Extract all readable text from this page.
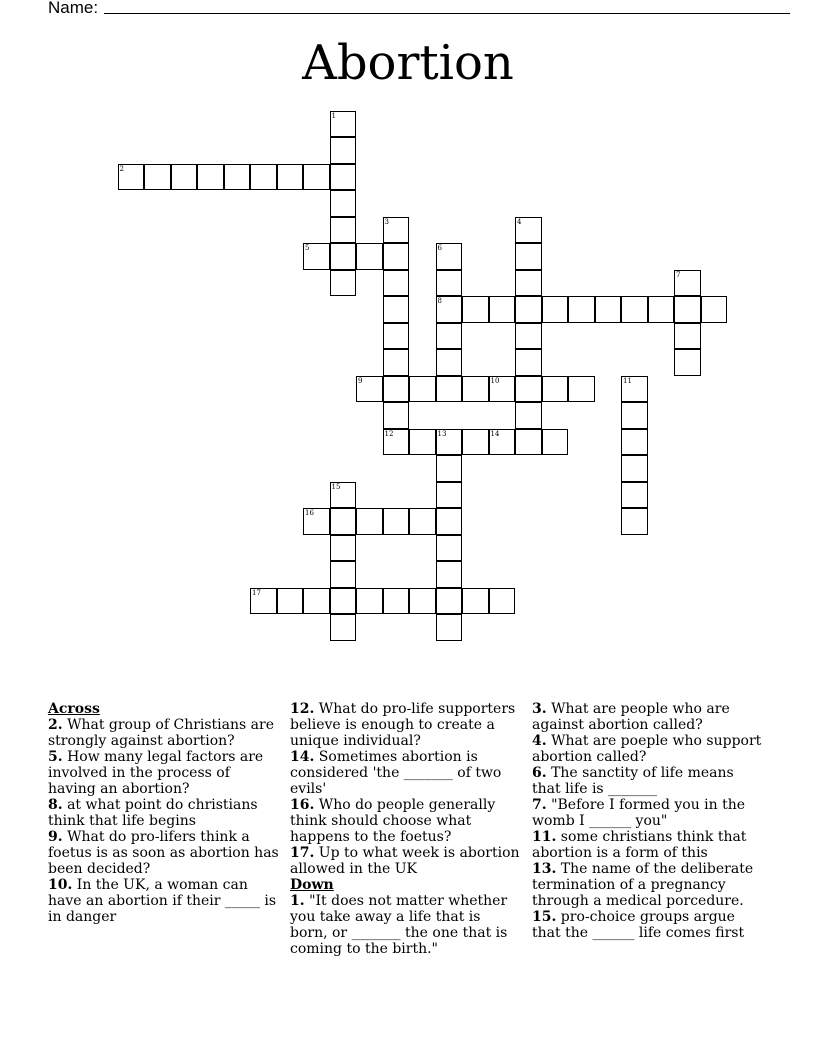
Name:
Abortion
1
2
5
3	4
6
8
7
9	10	11
12	13	14
15
16
17

Across

2. What group of Christians are strongly against abortion?

5. How many legal factors are involved in the process of having an abortion?

8. at what point do christians think that life begins

9. What do pro-lifers think a foetus is as soon as abortion has been decided?

10. In the UK, a woman can have an abortion if their _____ is in danger

12. What do pro-life supporters believe is enough to create a unique individual?

14. Sometimes abortion is considered 'the _______ of two evils'

16. Who do people generally think should choose what happens to the foetus?

17. Up to what week is abortion allowed in the UK

Down

1. "It does not matter whether you take away a life that is born, or _______ the one that is coming to the birth."

3. What are people who are against abortion called?

4. What are poeple who support abortion called?

6. The sanctity of life means that life is _______

7. "Before I formed you in the womb I ______ you"

11. some christians think that abortion is a form of this

13. The name of the deliberate termination of a pregnancy through a medical porcedure.

15. pro-choice groups argue that the ______ life comes first
